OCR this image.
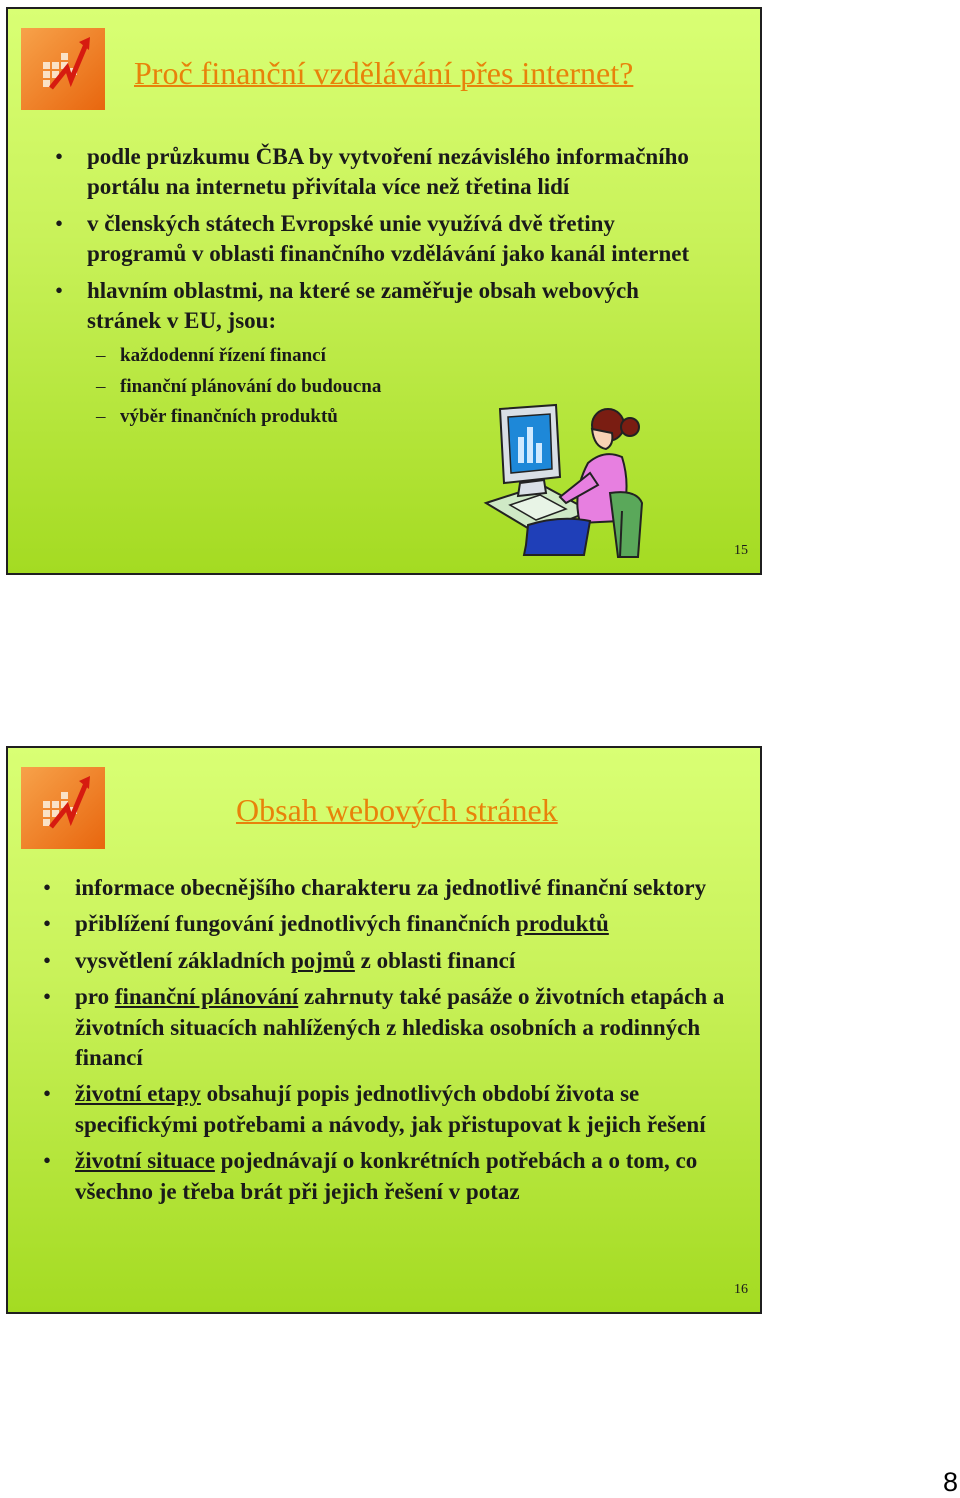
Proč finanční vzdělávání přes internet?
• podle průzkumu ČBA by vytvoření nezávislého informačního portálu na internetu přivítala více než třetina lidí
• v členských státech Evropské unie využívá dvě třetiny programů v oblasti finančního vzdělávání jako kanál internet
• hlavním oblastmi, na které se zaměřuje obsah webových stránek v EU, jsou:
– každodenní řízení financí
– finanční plánování do budoucna
– výběr finančních produktů
15
Obsah webových stránek
• informace obecnějšího charakteru za jednotlivé finanční sektory
• přiblížení fungování jednotlivých finančních produktů
• vysvětlení základních pojmů z oblasti financí
• pro finanční plánování zahrnuty také pasáže o životních etapách a životních situacích nahlížených z hlediska osobních a rodinných financí
• životní etapy obsahují popis jednotlivých období života se specifickými potřebami a návody, jak přistupovat k jejich řešení
• životní situace pojednávají o konkrétních potřebách a o tom, co všechno je třeba brát při jejich řešení v potaz
16
8
